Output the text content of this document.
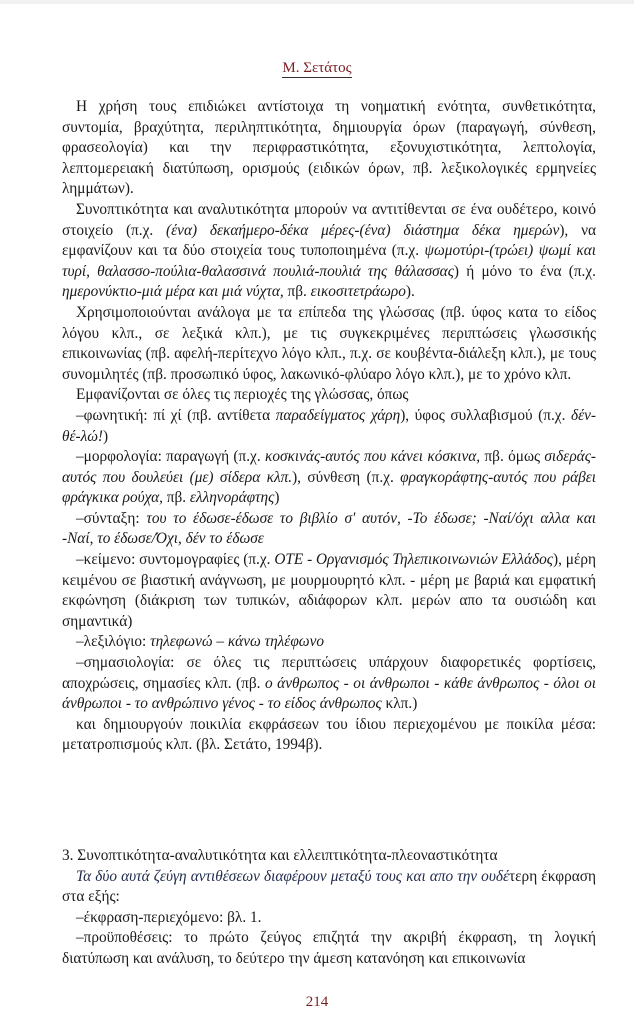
Μ. Σετάτος

Η χρήση τους επιδιώκει αντίστοιχα τη νοηματική ενότητα, συνθετικότητα, συντομία, βραχύτητα, περιληπτικότητα, δημιουργία όρων (παραγωγή, σύνθεση, φρασεολογία) και την περιφραστικότητα, εξονυχιστικότητα, λεπτολογία, λεπτομερειακή διατύπωση, ορισμούς (ειδικών όρων, πβ. λεξικολογικές ερμηνείες λημμάτων).

Συνοπτικότητα και αναλυτικότητα μπορούν να αντιτίθενται σε ένα ουδέτερο, κοινό στοιχείο (π.χ. (ένα) δεκαήμερο-δέκα μέρες-(ένα) διάστημα δέκα ημερών), να εμφανίζουν και τα δύο στοιχεία τους τυποποιημένα (π.χ. ψωμοτύρι-(τρώει) ψωμί και τυρί, θαλασσο-πούλια-θαλασσινά πουλιά-πουλιά της θάλασσας) ή μόνο το ένα (π.χ. ημερονύκτιο-μιά μέρα και μιά νύχτα, πβ. εικοσιτετράωρο).

Χρησιμοποιούνται ανάλογα με τα επίπεδα της γλώσσας (πβ. ύφος κατα το είδος λόγου κλπ., σε λεξικά κλπ.), με τις συγκεκριμένες περιπτώσεις γλωσσικής επικοινωνίας (πβ. αφελή-περίτεχνο λόγο κλπ., π.χ. σε κουβέντα-διάλεξη κλπ.), με τους συνομιλητές (πβ. προσωπικό ύφος, λακωνικό-φλύαρο λόγο κλπ.), με το χρόνο κλπ.

Εμφανίζονται σε όλες τις περιοχές της γλώσσας, όπως

–φωνητική: πί χί (πβ. αντίθετα παραδείγματος χάρη), ύφος συλλαβισμού (π.χ. δέν-θέ-λώ!)

–μορφολογία: παραγωγή (π.χ. κοσκινάς-αυτός που κάνει κόσκινα, πβ. όμως σιδεράς-αυτός που δουλεύει (με) σίδερα κλπ.), σύνθεση (π.χ. φραγκοράφτης-αυτός που ράβει φράγκικα ρούχα, πβ. ελληνοράφτης)

–σύνταξη: του το έδωσε-έδωσε το βιβλίο σ' αυτόν, -Το έδωσε; -Ναί/όχι αλλα και -Ναί, το έδωσε/Όχι, δέν το έδωσε

–κείμενο: συντομογραφίες (π.χ. ΟΤΕ - Οργανισμός Τηλεπικοινωνιών Ελλάδος), μέρη κειμένου σε βιαστική ανάγνωση, με μουρμουρητό κλπ. - μέρη με βαριά και εμφατική εκφώνηση (διάκριση των τυπικών, αδιάφορων κλπ. μερών απο τα ουσιώδη και σημαντικά)

–λεξιλόγιο: τηλεφωνώ – κάνω τηλέφωνο

–σημασιολογία: σε όλες τις περιπτώσεις υπάρχουν διαφορετικές φορτίσεις, αποχρώσεις, σημασίες κλπ. (πβ. ο άνθρωπος - οι άνθρωποι - κάθε άνθρωπος - όλοι οι άνθρωποι - το ανθρώπινο γένος - το είδος άνθρωπος κλπ.)

και δημιουργούν ποικιλία εκφράσεων του ίδιου περιεχομένου με ποικίλα μέσα: μετατροπισμούς κλπ. (βλ. Σετάτο, 1994β).

3. Συνοπτικότητα-αναλυτικότητα και ελλειπτικότητα-πλεοναστικότητα

Τα δύο αυτά ζεύγη αντιθέσεων διαφέρουν μεταξύ τους και απο την ουδέτερη έκφραση στα εξής:

–έκφραση-περιεχόμενο: βλ. 1.

–προϋποθέσεις: το πρώτο ζεύγος επιζητά την ακριβή έκφραση, τη λογική διατύπωση και ανάλυση, το δεύτερο την άμεση κατανόηση και επικοινωνία

214
